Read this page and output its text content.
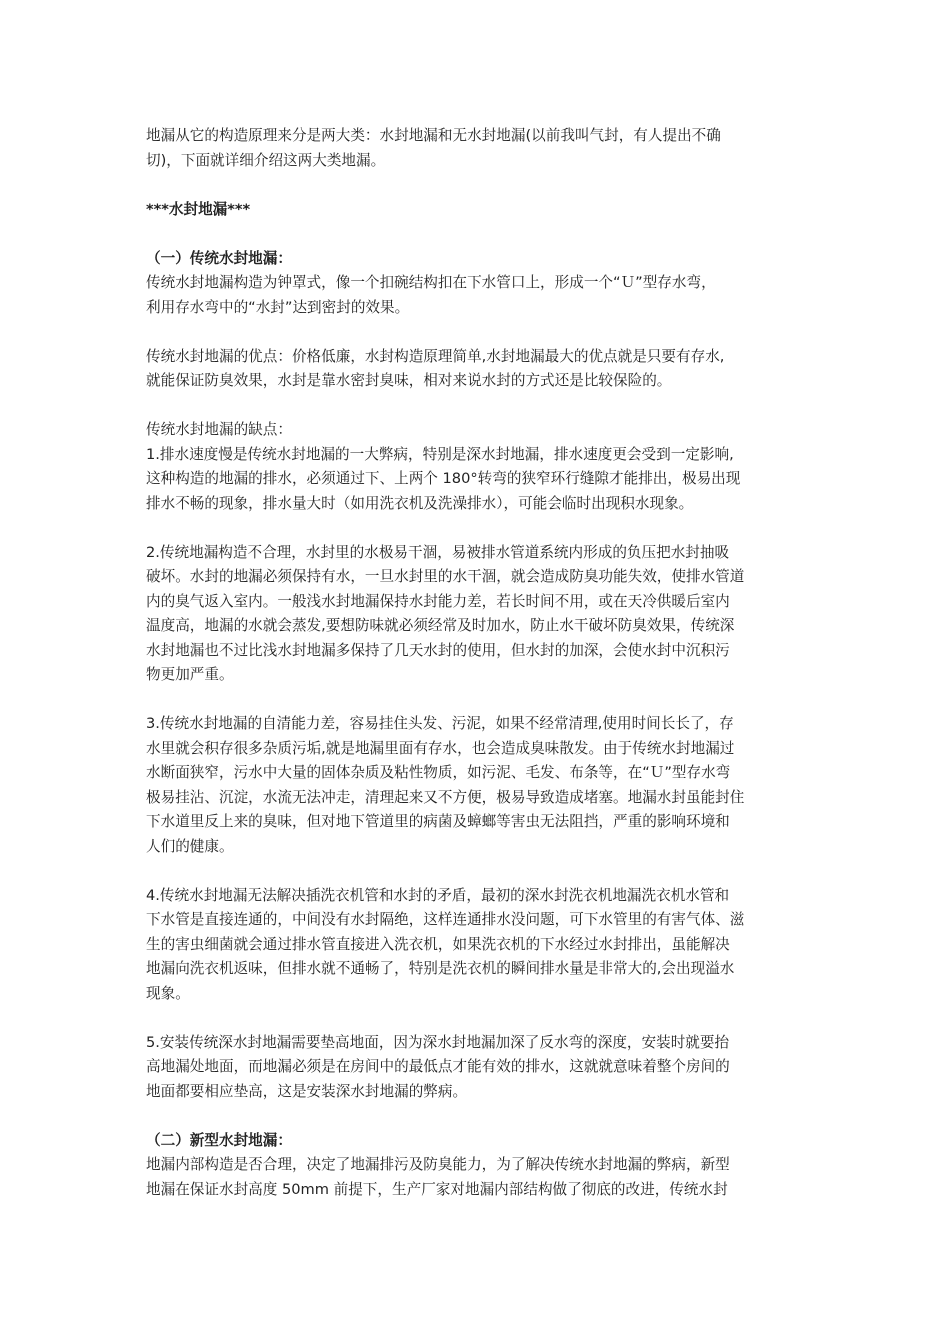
地漏从它的构造原理来分是两大类：水封地漏和无水封地漏(以前我叫气封，有人提出不确

切)，下面就详细介绍这两大类地漏。

***水封地漏***

（一）传统水封地漏：

传统水封地漏构造为钟罩式，像一个扣碗结构扣在下水管口上，形成一个“Ｕ”型存水弯，

利用存水弯中的“水封”达到密封的效果。

传统水封地漏的优点：价格低廉，水封构造原理简单,水封地漏最大的优点就是只要有存水,

就能保证防臭效果，水封是靠水密封臭味，相对来说水封的方式还是比较保险的。

传统水封地漏的缺点：

1.排水速度慢是传统水封地漏的一大弊病，特别是深水封地漏，排水速度更会受到一定影响,

这种构造的地漏的排水，必须通过下、上两个 180°转弯的狭窄环行缝隙才能排出，极易出现

排水不畅的现象，排水量大时（如用洗衣机及洗澡排水），可能会临时出现积水现象。

2.传统地漏构造不合理，水封里的水极易干涸，易被排水管道系统内形成的负压把水封抽吸

破坏。水封的地漏必须保持有水，一旦水封里的水干涸，就会造成防臭功能失效，使排水管道

内的臭气返入室内。一般浅水封地漏保持水封能力差，若长时间不用，或在天冷供暖后室内

温度高，地漏的水就会蒸发,要想防味就必须经常及时加水，防止水干破坏防臭效果，传统深

水封地漏也不过比浅水封地漏多保持了几天水封的使用，但水封的加深，会使水封中沉积污

物更加严重。

3.传统水封地漏的自清能力差，容易挂住头发、污泥，如果不经常清理,使用时间长长了，存

水里就会积存很多杂质污垢,就是地漏里面有存水，也会造成臭味散发。由于传统水封地漏过

水断面狭窄，污水中大量的固体杂质及粘性物质，如污泥、毛发、布条等，在“Ｕ”型存水弯

极易挂沾、沉淀，水流无法冲走，清理起来又不方便，极易导致造成堵塞。地漏水封虽能封住

下水道里反上来的臭味，但对地下管道里的病菌及蟑螂等害虫无法阻挡，严重的影响环境和

人们的健康。

4.传统水封地漏无法解决插洗衣机管和水封的矛盾，最初的深水封洗衣机地漏洗衣机水管和

下水管是直接连通的，中间没有水封隔绝，这样连通排水没问题，可下水管里的有害气体、滋

生的害虫细菌就会通过排水管直接进入洗衣机，如果洗衣机的下水经过水封排出，虽能解决

地漏向洗衣机返味，但排水就不通畅了，特别是洗衣机的瞬间排水量是非常大的,会出现溢水

现象。

5.安装传统深水封地漏需要垫高地面，因为深水封地漏加深了反水弯的深度，安装时就要抬

高地漏处地面，而地漏必须是在房间中的最低点才能有效的排水，这就就意味着整个房间的

地面都要相应垫高，这是安装深水封地漏的弊病。

（二）新型水封地漏：

地漏内部构造是否合理，决定了地漏排污及防臭能力，为了解决传统水封地漏的弊病，新型

地漏在保证水封高度 50mm 前提下，生产厂家对地漏内部结构做了彻底的改进，传统水封
